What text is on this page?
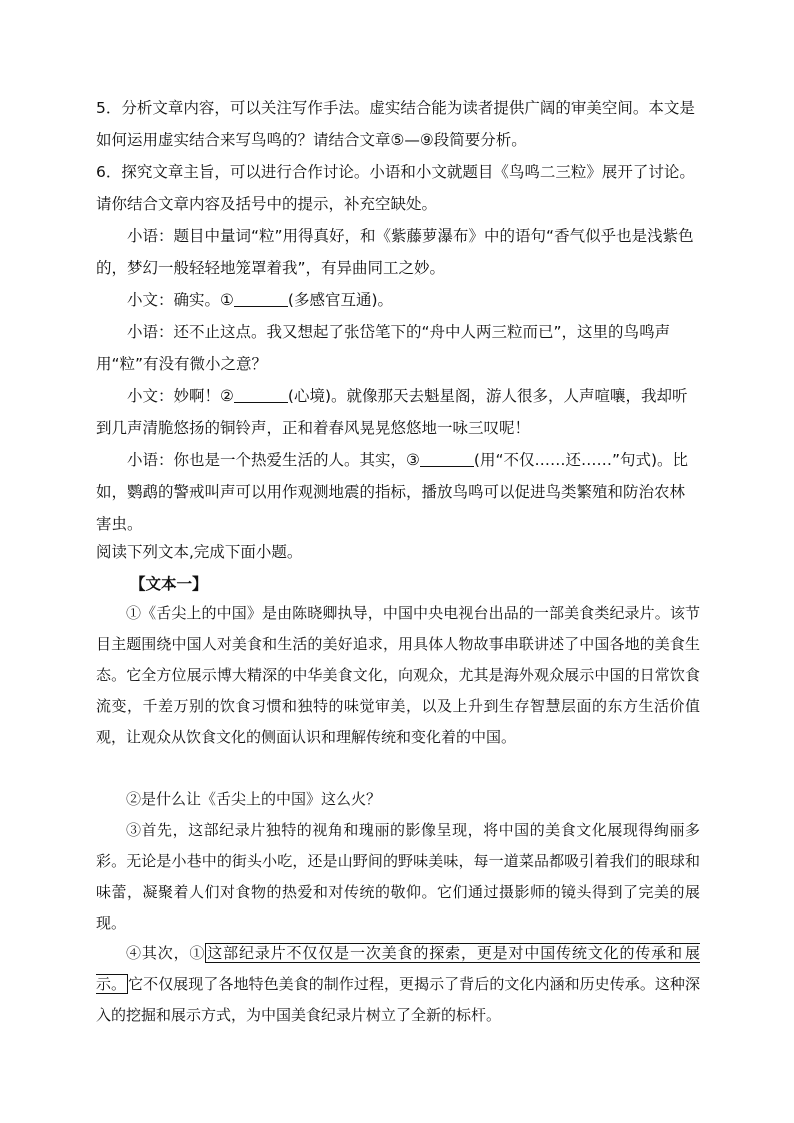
5．分析文章内容，可以关注写作手法。虚实结合能为读者提供广阔的审美空间。本文是如何运用虚实结合来写鸟鸣的？请结合文章⑤—⑨段简要分析。

6．探究文章主旨，可以进行合作讨论。小语和小文就题目《鸟鸣二三粒》展开了讨论。请你结合文章内容及括号中的提示，补充空缺处。

小语：题目中量词“粒”用得真好，和《紫藤萝瀑布》中的语句“香气似乎也是浅紫色的，梦幻一般轻轻地笼罩着我”，有异曲同工之妙。

小文：确实。①	(多感官互通)。

小语：还不止这点。我又想起了张岱笔下的“舟中人两三粒而已”，这里的鸟鸣声用“粒”有没有微小之意？

小文：妙啊！②	(心境)。就像那天去魁星阁，游人很多，人声喧嚷，我却听到几声清脆悠扬的铜铃声，正和着春风晃晃悠悠地一咏三叹呢！

小语：你也是一个热爱生活的人。其实，③	(用“不仅……还……”句式)。比如，鹦鹉的警戒叫声可以用作观测地震的指标，播放鸟鸣可以促进鸟类繁殖和防治农林害虫。

阅读下列文本,完成下面小题。

【文本一】

①《舌尖上的中国》是由陈晓卿执导，中国中央电视台出品的一部美食类纪录片。该节目主题围绕中国人对美食和生活的美好追求，用具体人物故事串联讲述了中国各地的美食生态。它全方位展示博大精深的中华美食文化，向观众，尤其是海外观众展示中国的日常饮食流变，千差万别的饮食习惯和独特的味觉审美，以及上升到生存智慧层面的东方生活价值观，让观众从饮食文化的侧面认识和理解传统和变化着的中国。

②是什么让《舌尖上的中国》这么火？

③首先，这部纪录片独特的视角和瑰丽的影像呈现，将中国的美食文化展现得绚丽多彩。无论是小巷中的街头小吃，还是山野间的野味美味，每一道菜品都吸引着我们的眼球和味蕾，凝聚着人们对食物的热爱和对传统的敬仰。它们通过摄影师的镜头得到了完美的展现。

④其次，① 这部纪录片不仅仅是一次美食的探索，更是对中国传统文化的传承和 展示。 它不仅展现了各地特色美食的制作过程，更揭示了背后的文化内涵和历史传承。这种深入的挖掘和展示方式，为中国美食纪录片树立了全新的标杆。
